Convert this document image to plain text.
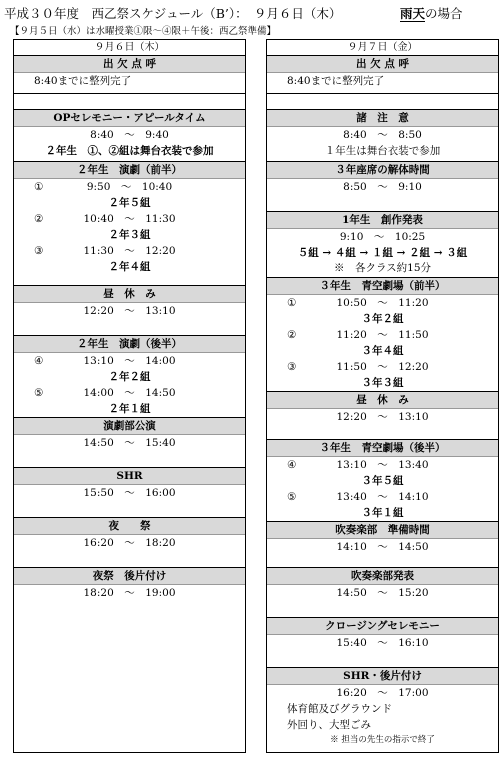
平成３０年度　西乙祭スケジュール（B’）：　９月６日（木）	雨天の場合
【９月５日（水）は水曜授業①限～④限＋午後：西乙祭準備】
９月６日（木）
出 欠 点 呼
8:40までに整列完了
OPセレモニー・アピールタイム
8:40　～　9:40
２年生　①、②組は舞台衣装で参加
２年生　演劇（前半）
①	9:50　～　10:40
２年５組
②	10:40　～　11:30
２年３組
③	11:30　～　12:20
２年４組
昼　休　み
12:20　～　13:10
２年生　演劇（後半）
④	13:10　～　14:00
２年２組
⑤	14:00　～　14:50
２年１組
演劇部公演
14:50　～　15:40
SHR
15:50　～　16:00
夜　　祭
16:20　～　18:20
夜祭　後片付け
18:20　～　19:00
９月７日（金）
出 欠 点 呼
8:40までに整列完了
諸　注　意
8:40　～　8:50
１年生は舞台衣装で参加
３年座席の解体時間
8:50　～　9:10
1年生　創作発表
9:10　～　10:25
５組 → ４組 → １組 → ２組 → ３組
※　各クラス約15分
３年生　青空劇場（前半）
①	10:50　～　11:20
３年２組
②	11:20　～　11:50
３年４組
③	11:50　～　12:20
３年３組
昼　休　み
12:20　～　13:10
３年生　青空劇場（後半）
④	13:10　～　13:40
３年５組
⑤	13:40　～　14:10
３年１組
吹奏楽部　準備時間
14:10　～　14:50
吹奏楽部発表
14:50　～　15:20
クロージングセレモニー
15:40　～　16:10
SHR・後片付け
16:20　～　17:00
体育館及びグラウンド
外回り、大型ごみ
※ 担当の先生の指示で終了
